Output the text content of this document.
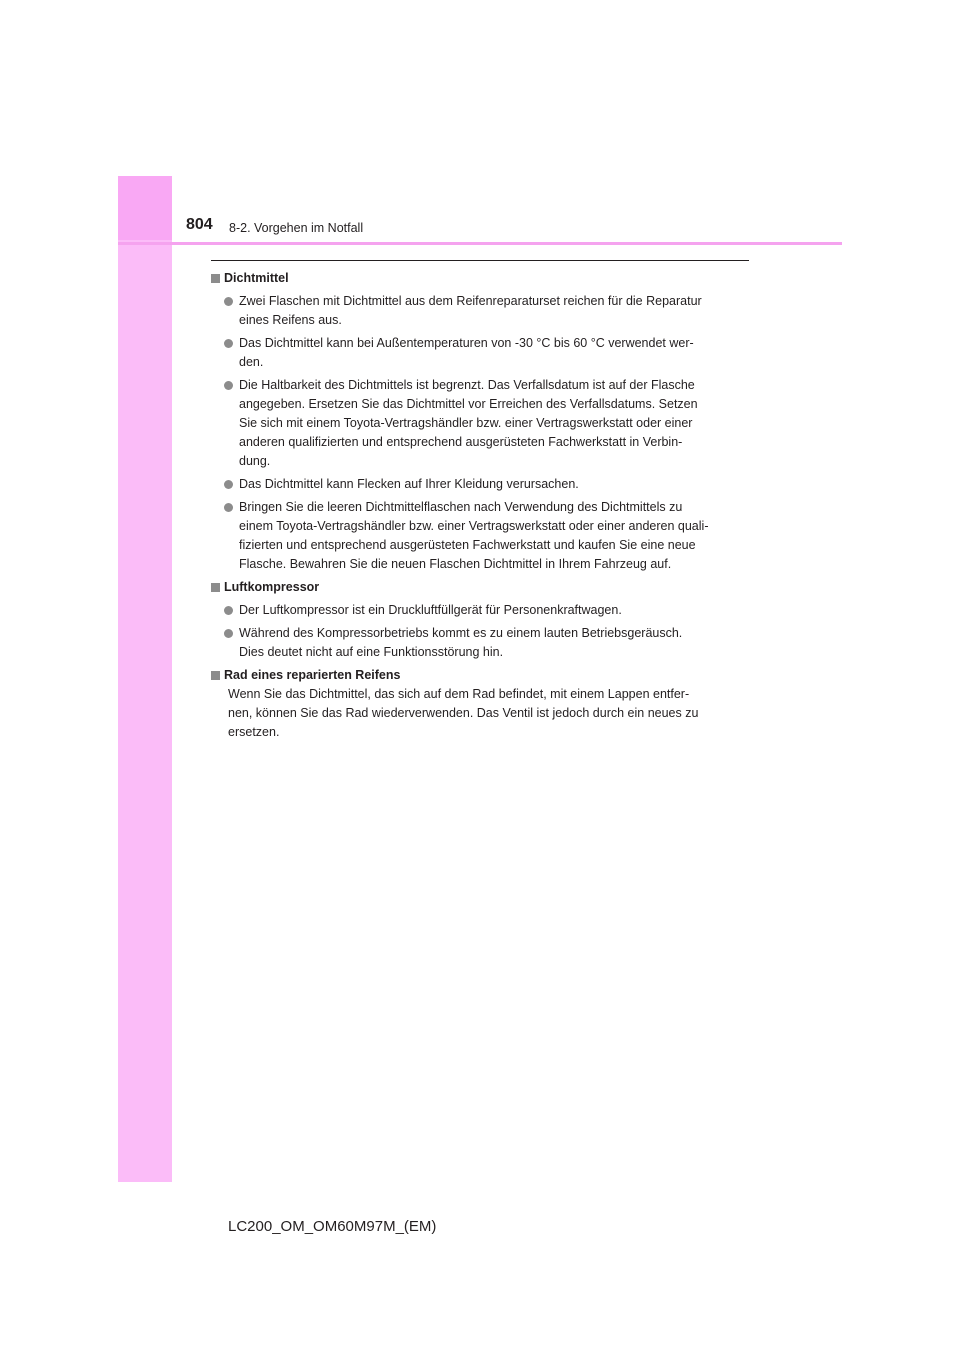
804 8-2. Vorgehen im Notfall
Dichtmittel
Zwei Flaschen mit Dichtmittel aus dem Reifenreparaturset reichen für die Reparatur
eines Reifens aus.
Das Dichtmittel kann bei Außentemperaturen von -30 °C bis 60 °C verwendet wer-
den.
Die Haltbarkeit des Dichtmittels ist begrenzt. Das Verfallsdatum ist auf der Flasche
angegeben. Ersetzen Sie das Dichtmittel vor Erreichen des Verfallsdatums. Setzen
Sie sich mit einem Toyota-Vertragshändler bzw. einer Vertragswerkstatt oder einer
anderen qualifizierten und entsprechend ausgerüsteten Fachwerkstatt in Verbin-
dung.
Das Dichtmittel kann Flecken auf Ihrer Kleidung verursachen.
Bringen Sie die leeren Dichtmittelflaschen nach Verwendung des Dichtmittels zu
einem Toyota-Vertragshändler bzw. einer Vertragswerkstatt oder einer anderen quali-
fizierten und entsprechend ausgerüsteten Fachwerkstatt und kaufen Sie eine neue
Flasche. Bewahren Sie die neuen Flaschen Dichtmittel in Ihrem Fahrzeug auf.
Luftkompressor
Der Luftkompressor ist ein Druckluftfüllgerät für Personenkraftwagen.
Während des Kompressorbetriebs kommt es zu einem lauten Betriebsgeräusch.
Dies deutet nicht auf eine Funktionsstörung hin.
Rad eines reparierten Reifens
Wenn Sie das Dichtmittel, das sich auf dem Rad befindet, mit einem Lappen entfer-
nen, können Sie das Rad wiederverwenden. Das Ventil ist jedoch durch ein neues zu
ersetzen.
LC200_OM_OM60M97M_(EM)
